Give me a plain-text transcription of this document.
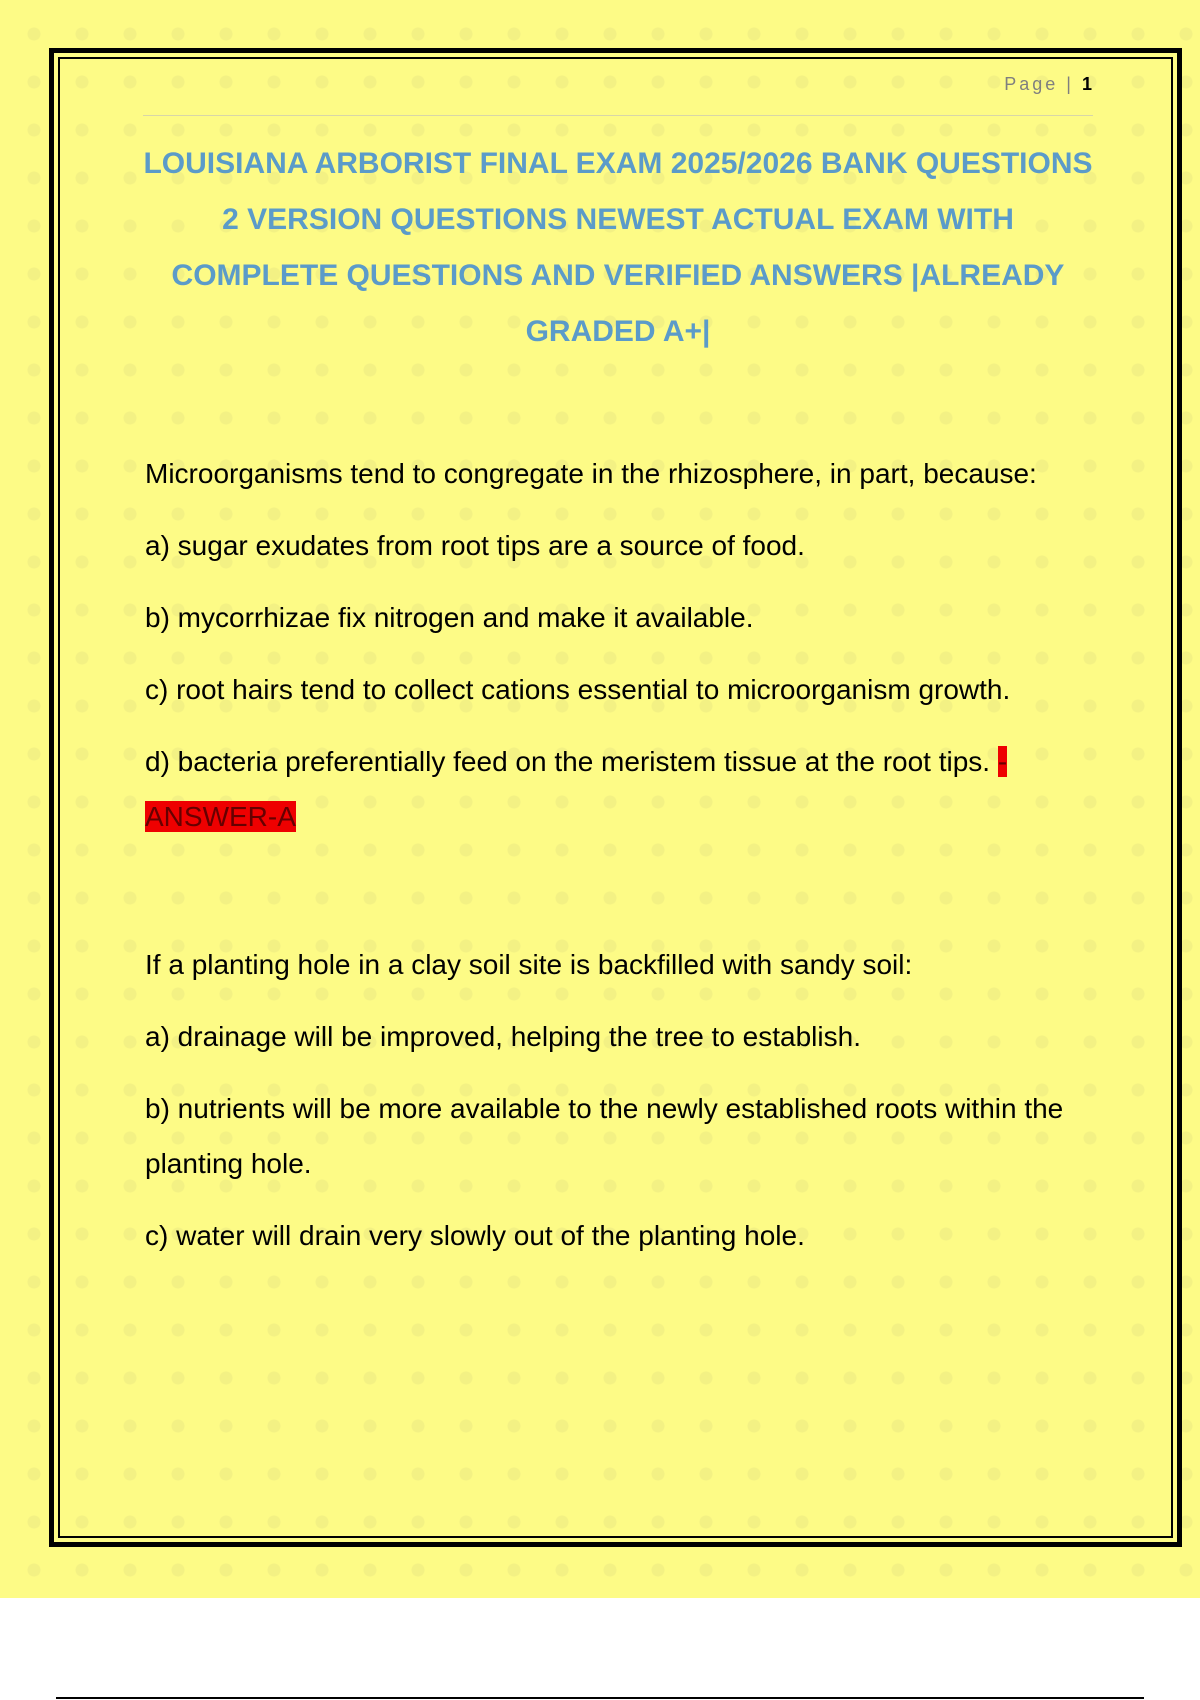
Page | 1
LOUISIANA ARBORIST FINAL EXAM 2025/2026 BANK QUESTIONS 2 VERSION QUESTIONS NEWEST ACTUAL EXAM WITH COMPLETE QUESTIONS AND VERIFIED ANSWERS |ALREADY GRADED A+|

Microorganisms tend to congregate in the rhizosphere, in part, because:

a) sugar exudates from root tips are a source of food.

b) mycorrhizae fix nitrogen and make it available.

c) root hairs tend to collect cations essential to microorganism growth.

d) bacteria preferentially feed on the meristem tissue at the root tips. - ANSWER-A

If a planting hole in a clay soil site is backfilled with sandy soil:

a) drainage will be improved, helping the tree to establish.

b) nutrients will be more available to the newly established roots within the planting hole.

c) water will drain very slowly out of the planting hole.
